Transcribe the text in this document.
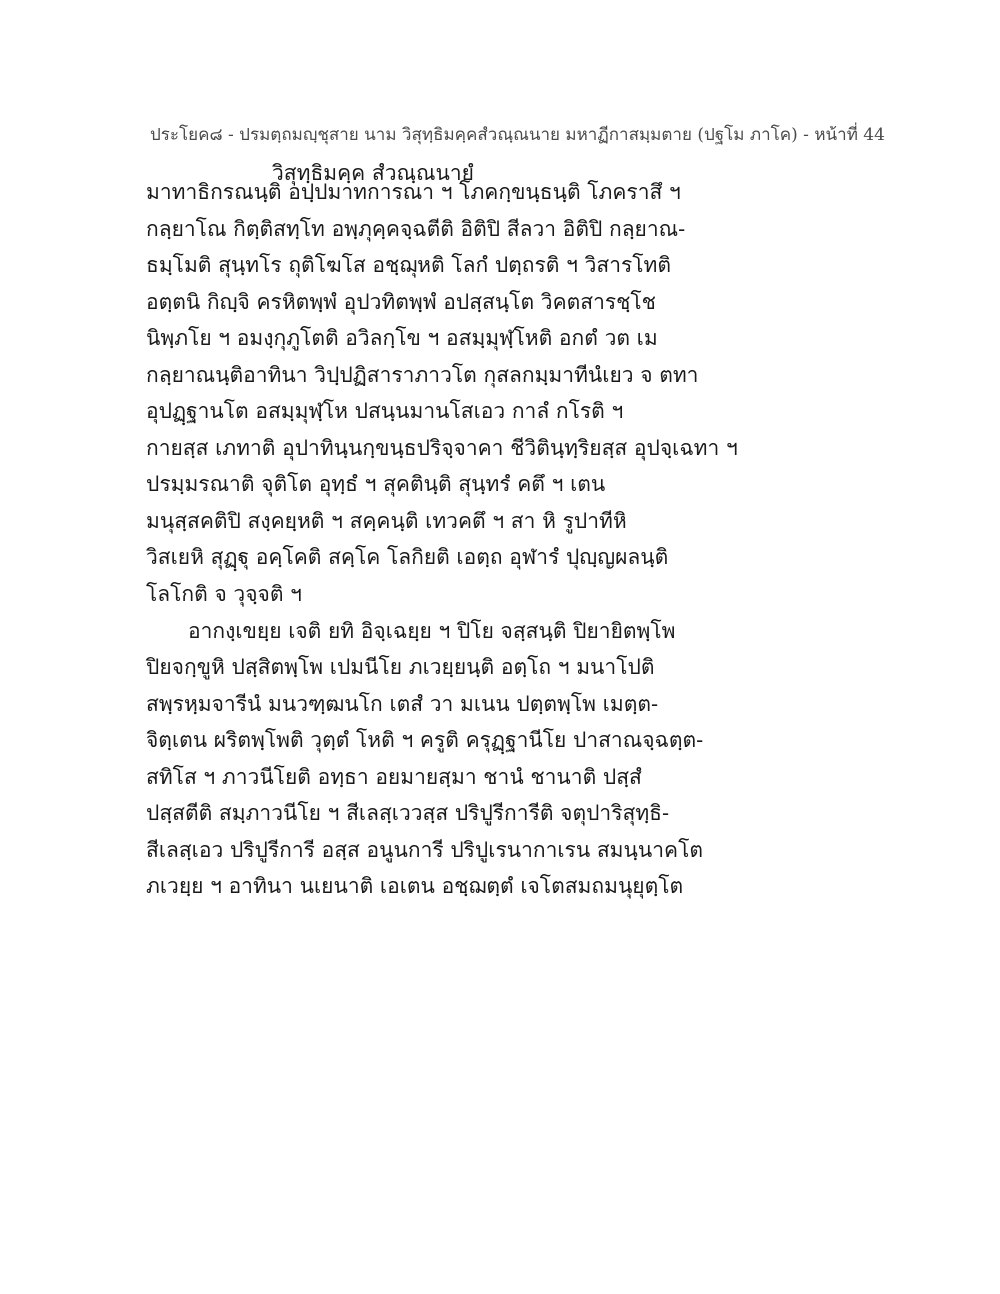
ประโยค๘ - ปรมตฺถมญฺชุสาย นาม วิสุทฺธิมคฺคสํวณฺณนาย มหาฏีกาสมฺมตาย (ปฐโม ภาโค) - หน้าที่ 44
วิสุทฺธิมคฺค สํวณฺณนายํ
มาทาธิกรณนฺติ อปฺปมาทการณา ฯ โภคกฺขนฺธนฺติ โภคราสึ ฯ
กลฺยาโณ กิตฺติสทฺโท อพฺภุคฺคจฺฉตีติ อิติปิ สีลวา อิติปิ กลฺยาณ-
ธมฺโมติ สุนฺทโร ถุติโฆโส อชฺฌุหติ โลกํ ปตฺถรติ ฯ วิสารโทติ
อตฺตนิ กิญฺจิ ครหิตพฺพํ อุปวทิตพฺพํ อปสฺสนฺโต วิคตสารชฺโช
นิพฺภโย ฯ อมงฺกุภูโตติ อวิลกฺโข ฯ อสมฺมุฬฺโหติ อกตํ วต เม
กลฺยาณนฺติอาทินา วิปฺปฏิสาราภาวโต กุสลกมฺมาทีนํเยว จ ตทา
อุปฏฺฐานโต อสมฺมุฬฺโห ปสนฺนมานโสเอว กาลํ กโรติ ฯ
กายสฺส เภทาติ อุปาทินฺนกฺขนฺธปริจฺจาคา ชีวิตินฺทฺริยสฺส อุปจฺเฉทา ฯ
ปรมฺมรณาติ จุติโต อุทฺธํ ฯ สุคตินฺติ สุนฺทรํ คตึ ฯ เตน
มนุสฺสคติปิ สงฺคยฺหติ ฯ สคฺคนฺติ เทวคตึ ฯ สา หิ รูปาทีหิ
วิสเยหิ สุฏฺฐุ อคฺโคติ สคฺโค โลกิยติ เอตฺถ อุฬารํ ปุญฺญผลนฺติ
โลโกติ จ วุจฺจติ ฯ
อากงฺเขยฺย เจติ ยทิ อิจฺเฉยฺย ฯ ปิโย จสฺสนฺติ ปิยายิตพฺโพ
ปิยจกฺขูหิ ปสฺสิตพฺโพ เปมนีโย ภเวยฺยนฺติ อตฺโถ ฯ มนาโปติ
สพฺรหฺมจารีนํ มนวฑฺฒนโก เตสํ วา มเนน ปตฺตพฺโพ เมตฺต-
จิตฺเตน ผริตพฺโพติ วุตฺตํ โหติ ฯ ครูติ ครุฏฺฐานีโย ปาสาณจฺฉตฺต-
สทิโส ฯ ภาวนีโยติ อทฺธา อยมายสฺมา ชานํ ชานาติ ปสฺสํ
ปสฺสตีติ สมฺภาวนีโย ฯ สีเลสฺเววสฺส ปริปูรีการีติ จตุปาริสุทฺธิ-
สีเลสฺเอว ปริปูรีการี อสฺส อนูนการี ปริปูเรนากาเรน สมนฺนาคโต
ภเวยฺย ฯ อาทินา นเยนาติ เอเตน อชฺฌตฺตํ เจโตสมถมนุยุตฺโต
